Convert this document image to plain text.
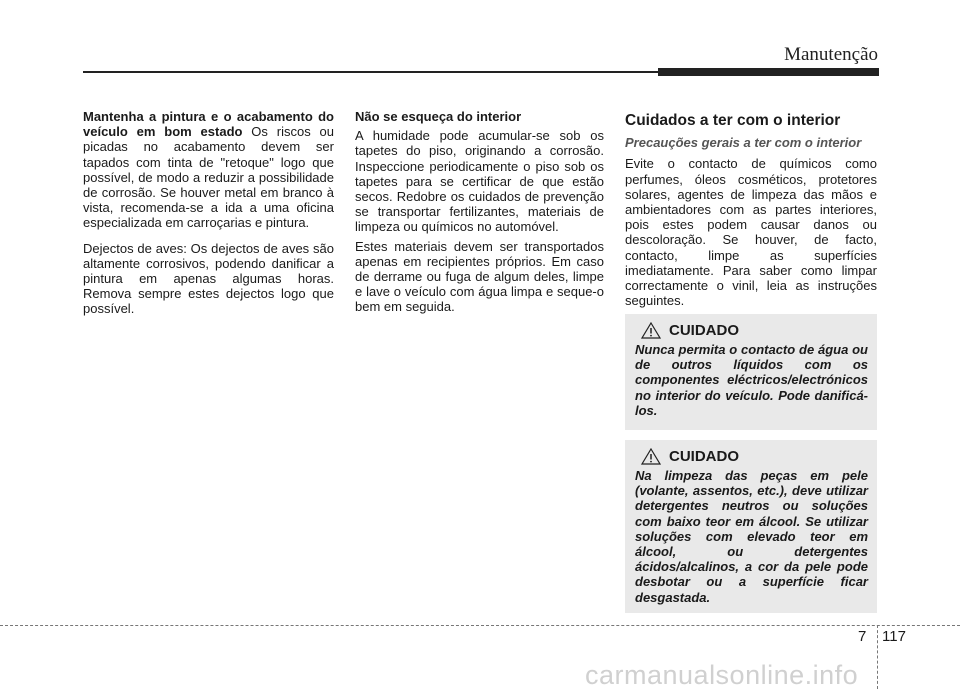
Manutenção

Mantenha a pintura e o acabamento do veículo em bom estado Os riscos ou picadas no acabamento devem ser tapados com tinta de "retoque" logo que possível, de modo a reduzir a possibilidade de corrosão. Se houver metal em branco à vista, recomenda-se a ida a uma oficina especializada em carroçarias e pintura.

Dejectos de aves: Os dejectos de aves são altamente corrosivos, podendo danificar a pintura em apenas algumas horas. Remova sempre estes dejectos logo que possível.

Não se esqueça do interior

A humidade pode acumular-se sob os tapetes do piso, originando a corrosão. Inspeccione periodicamente o piso sob os tapetes para se certificar de que estão secos. Redobre os cuidados de prevenção se transportar fertilizantes, materiais de limpeza ou químicos no automóvel.

Estes materiais devem ser transportados apenas em recipientes próprios. Em caso de derrame ou fuga de algum deles, limpe e lave o veículo com água limpa e seque-o bem em seguida.

Cuidados a ter com o interior
Precauções gerais a ter com o interior

Evite o contacto de químicos como perfumes, óleos cosméticos, protetores solares, agentes de limpeza das mãos e ambientadores com as partes interiores, pois estes podem causar danos ou descoloração. Se houver, de facto, contacto, limpe as superfícies imediatamente. Para saber como limpar correctamente o vinil, leia as instruções seguintes.

CUIDADO
Nunca permita o contacto de água ou de outros líquidos com os componentes eléctricos/electrónicos no interior do veículo. Pode danificá-los.
CUIDADO
Na limpeza das peças em pele (volante, assentos, etc.), deve utilizar detergentes neutros ou soluções com baixo teor em álcool. Se utilizar soluções com elevado teor em álcool, ou detergentes ácidos/alcalinos, a cor da pele pode desbotar ou a superfície ficar desgastada.
7 117
carmanualsonline.info
